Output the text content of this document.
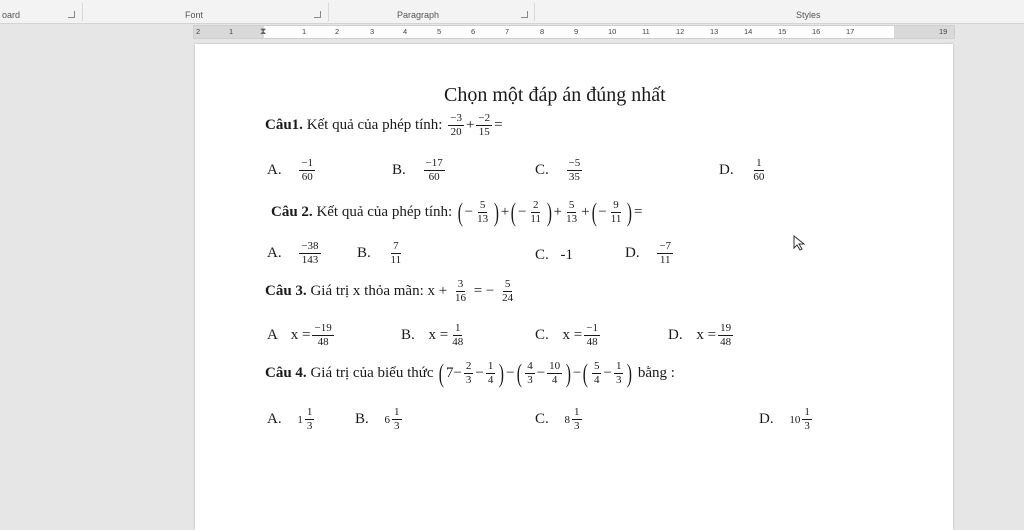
oard	Font	Paragraph	Styles
⧗
2	1	1	2	3	4	5	6	7	8	9	10	11	12	13	14	15	16	17	19
Chọn một đáp án đúng nhất
Câu1. Kết quả của phép tính: $\frac{-3}{20} + \frac{-2}{15}$ =
A. $\frac{-1}{60}$	B. $\frac{-17}{60}$	C. $\frac{-5}{35}$	D. $\frac{1}{60}$
Câu 2. Kết quả của phép tính: ( − $\frac{5}{13}$
) + ( − $\frac{2}{11}$
) + $\frac{5}{13}$ + ( − $\frac{9}{11}$
) =
A. $\frac{-38}{143} B$. $\frac{7}{11}$	C. -1	D. $\frac{-7}{11}$
Câu 3. Giá trị x thỏa mãn: $x + \frac{3}{16}$ = − $\frac{5}{24}$
A $x = \frac{-19}{48}$	B. $x = \frac{1}{48}$	C. $x = \frac{-1}{48}$	D. $x = \frac{19}{48}$
Câu 4. Giá trị của biểu thức ( $7 - \frac{2}{3} - \frac{1}{4}$
) − ( $\frac{4}{3} - \frac{10}{4}$
) − ( $\frac{5}{4} - \frac{1}{3}$
) bằng :
A. $1 \frac{1}{3}$	B. $6 \frac{1}{3}$	C. $8 \frac{1}{3}$	D. $10 \frac{1}{3}$
